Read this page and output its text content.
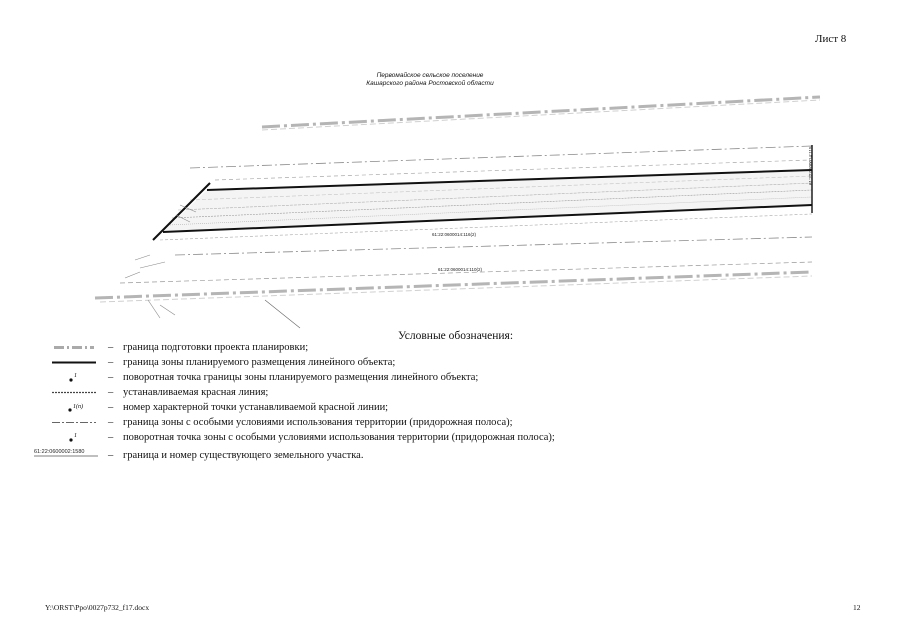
Лист 8
Первомайское сельское поселение
Кашарского района Ростовской области
61:22:0600014:116(2)
61:22:0600014:110(2)
61:22:0600014:115
Условные обозначения:
– граница подготовки проекта планировки;
– граница зоны планируемого размещения линейного объекта;
1	– поворотная точка границы зоны планируемого размещения линейного объекта;
– устанавливаемая красная линия;
1(п) – номер характерной точки устанавливаемой красной линии;
– граница зоны с особыми условиями использования территории (придорожная полоса);
1	– поворотная точка зоны с особыми условиями использования территории (придорожная полоса);
61:22:0600002:1580 – граница и номер существующего земельного участка.
Y:\ORST\Ppo\0027p732_f17.docx	12
